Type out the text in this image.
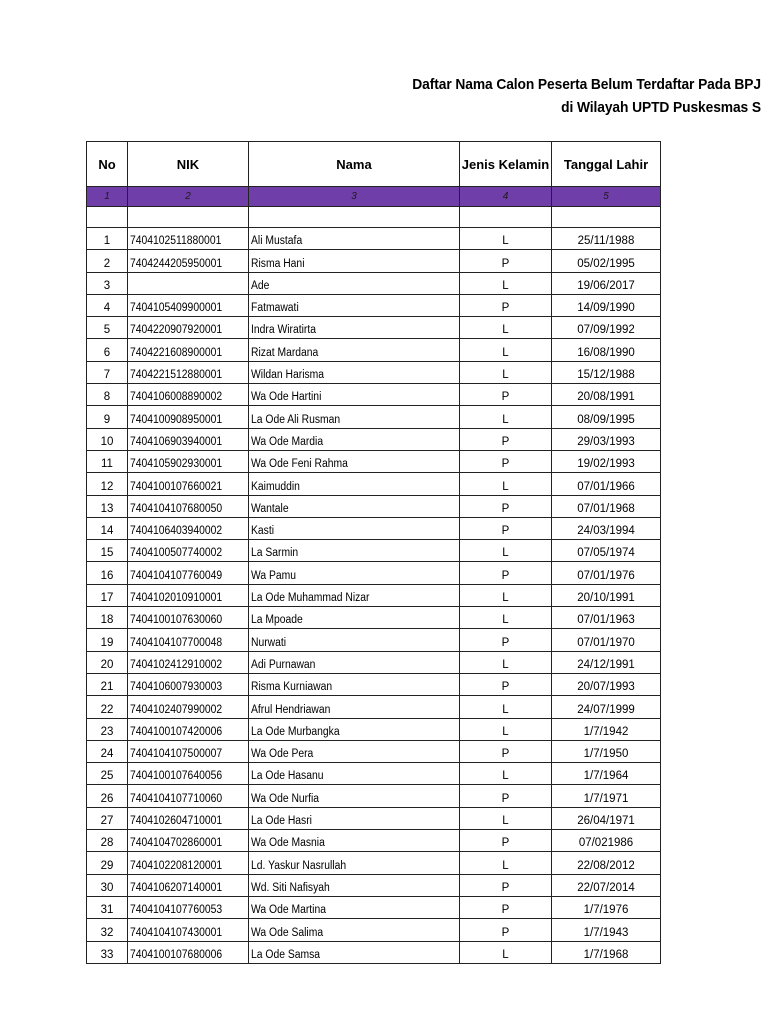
Daftar Nama Calon Peserta Belum Terdaftar Pada BPJ
di Wilayah UPTD Puskesmas S
No	NIK	Nama	Jenis Kelamin	Tanggal Lahir
1	2	3	4	5

1	7404102511880001	Ali Mustafa	L	25/11/1988
2	7404244205950001	Risma Hani	P	05/02/1995
3		Ade	L	19/06/2017
4	7404105409900001	Fatmawati	P	14/09/1990
5	7404220907920001	Indra Wiratirta	L	07/09/1992
6	7404221608900001	Rizat Mardana	L	16/08/1990
7	7404221512880001	Wildan Harisma	L	15/12/1988
8	7404106008890002	Wa Ode Hartini	P	20/08/1991
9	7404100908950001	La Ode Ali Rusman	L	08/09/1995
10	7404106903940001	Wa Ode Mardia	P	29/03/1993
11	7404105902930001	Wa Ode Feni Rahma	P	19/02/1993
12	7404100107660021	Kaimuddin	L	07/01/1966
13	7404104107680050	Wantale	P	07/01/1968
14	7404106403940002	Kasti	P	24/03/1994
15	7404100507740002	La Sarmin	L	07/05/1974
16	7404104107760049	Wa Pamu	P	07/01/1976
17	7404102010910001	La Ode Muhammad Nizar	L	20/10/1991
18	7404100107630060	La Mpoade	L	07/01/1963
19	7404104107700048	Nurwati	P	07/01/1970
20	7404102412910002	Adi Purnawan	L	24/12/1991
21	7404106007930003	Risma Kurniawan	P	20/07/1993
22	7404102407990002	Afrul Hendriawan	L	24/07/1999
23	7404100107420006	La Ode Murbangka	L	1/7/1942
24	7404104107500007	Wa Ode Pera	P	1/7/1950
25	7404100107640056	La Ode Hasanu	L	1/7/1964
26	7404104107710060	Wa Ode Nurfia	P	1/7/1971
27	7404102604710001	La Ode Hasri	L	26/04/1971
28	7404104702860001	Wa Ode Masnia	P	07/021986
29	7404102208120001	Ld. Yaskur Nasrullah	L	22/08/2012
30	7404106207140001	Wd. Siti Nafisyah	P	22/07/2014
31	7404104107760053	Wa Ode Martina	P	1/7/1976
32	7404104107430001	Wa Ode Salima	P	1/7/1943
33	7404100107680006	La Ode Samsa	L	1/7/1968
